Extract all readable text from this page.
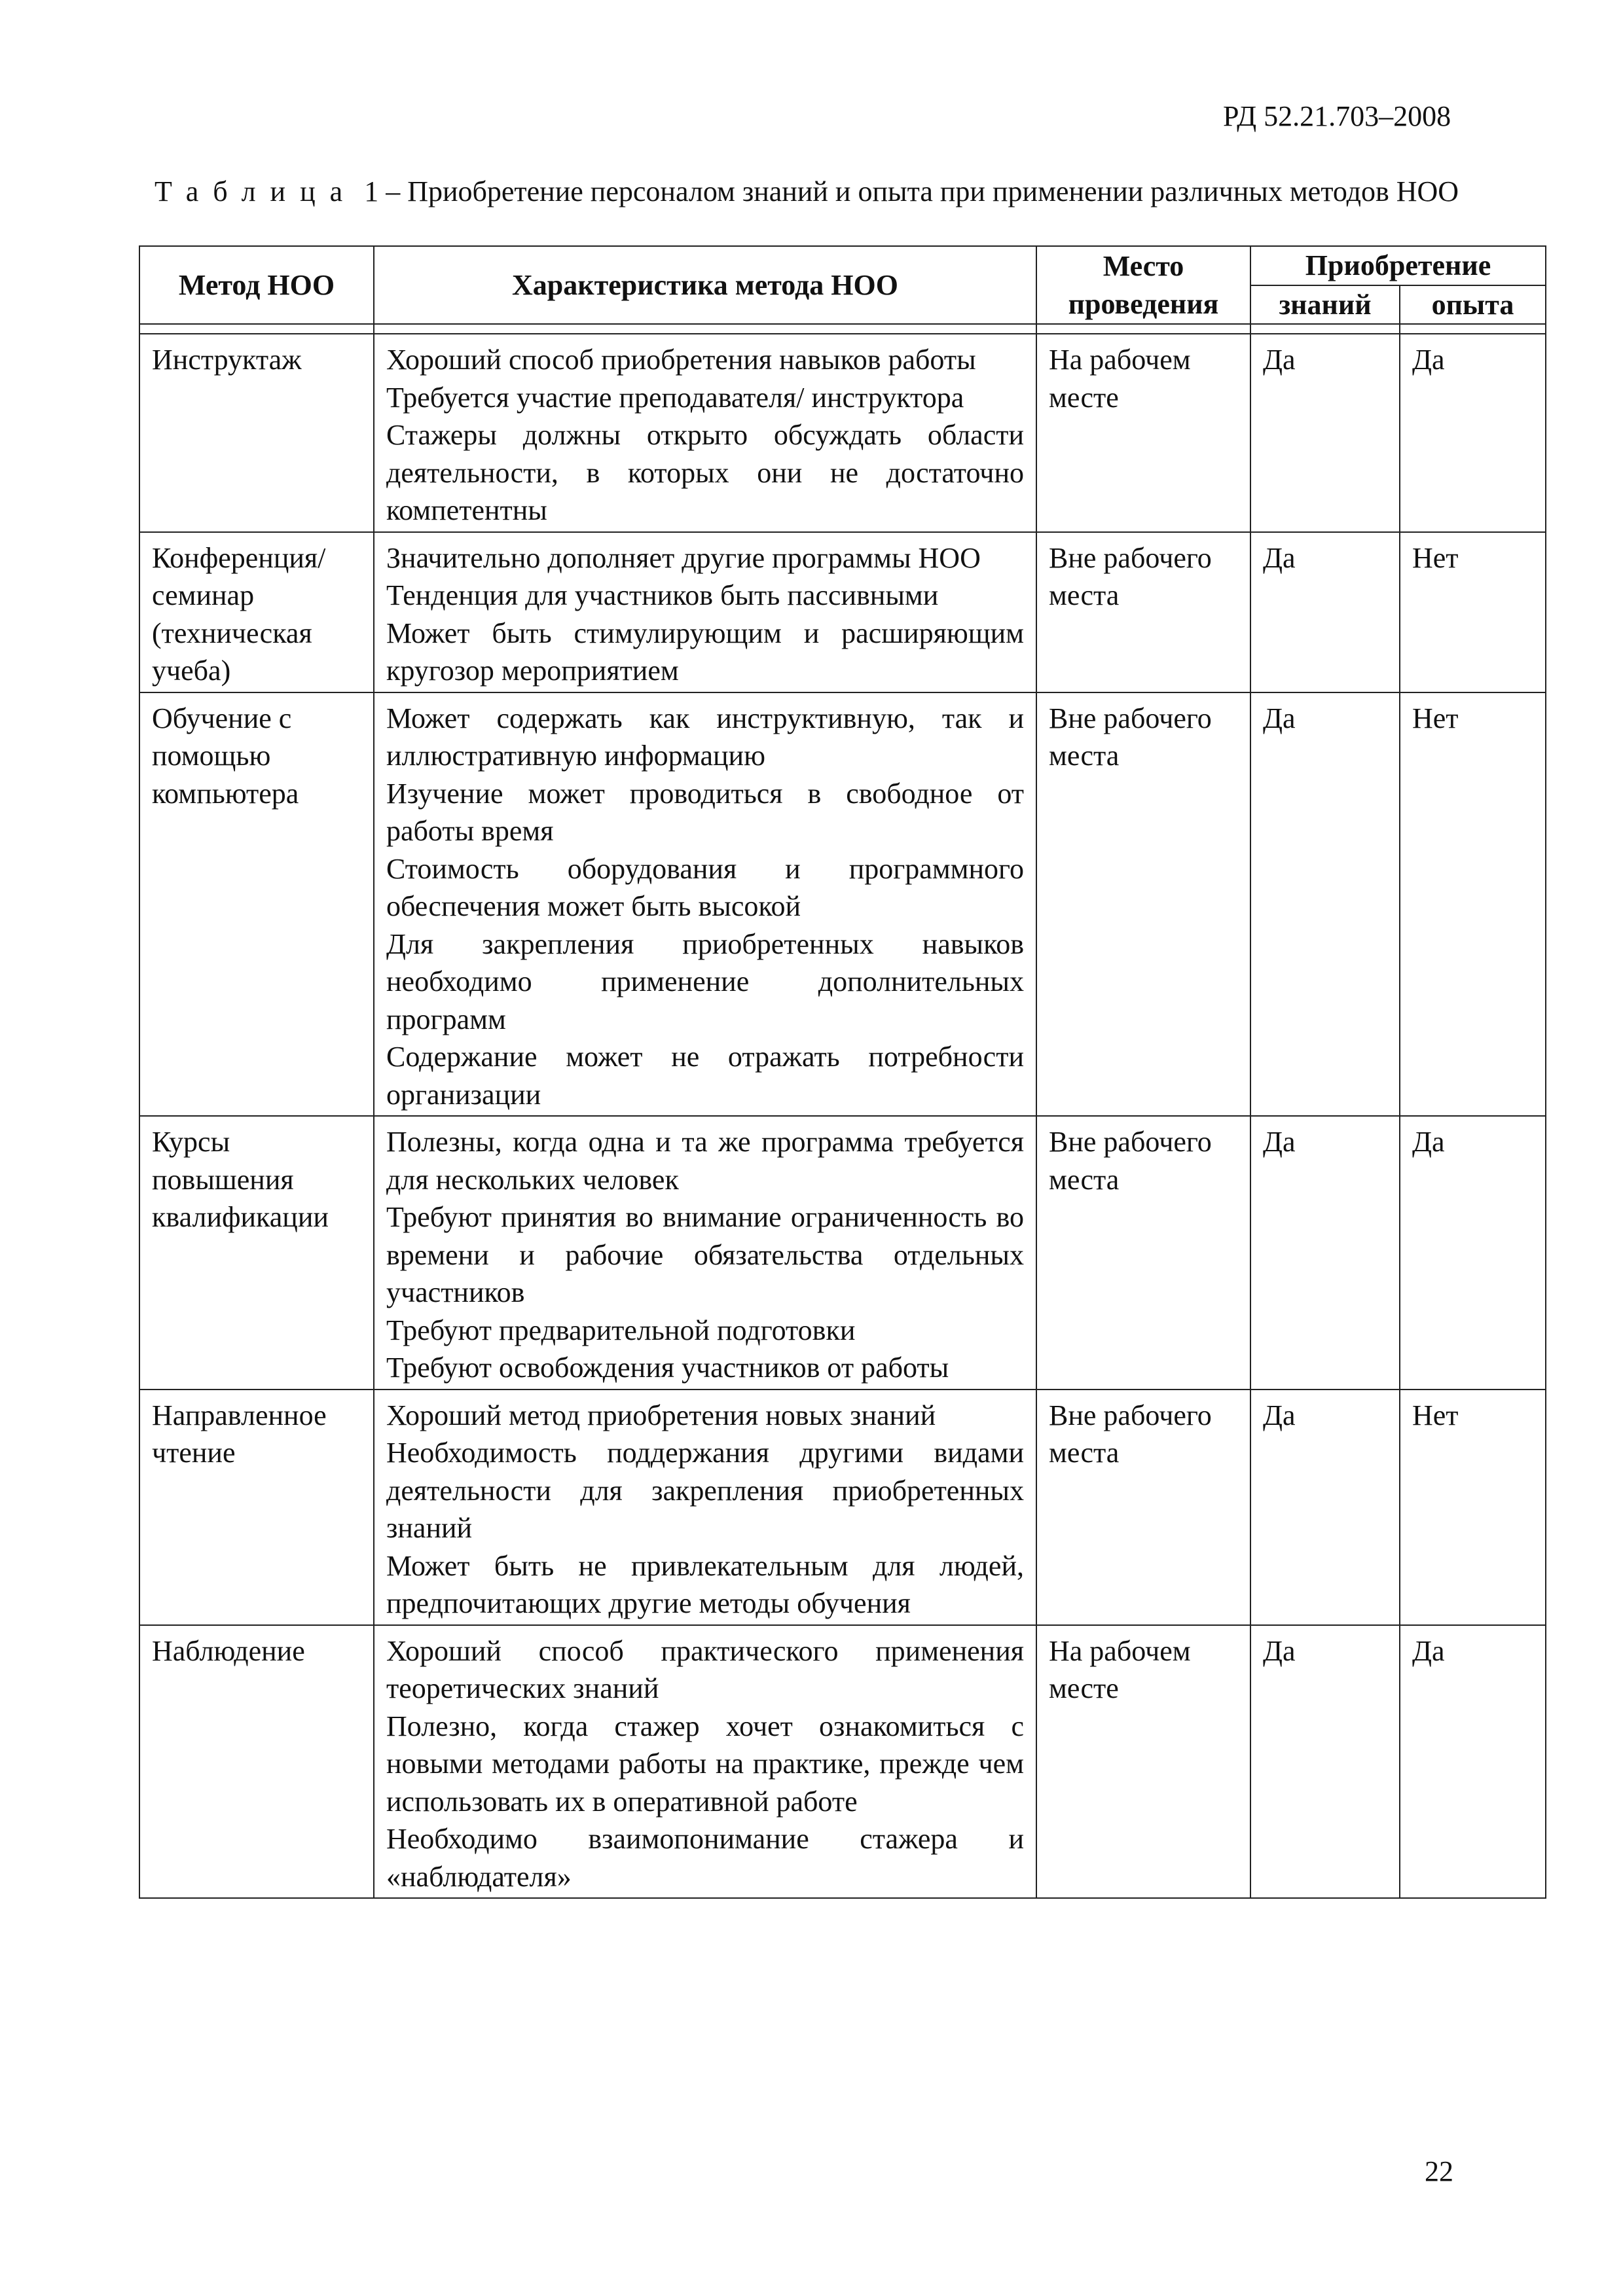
РД 52.21.703–2008
Таблица 1 – Приобретение персоналом знаний и опыта при применении различных методов НОО
Метод НОО	Характеристика метода НОО	Место проведения	Приобретение	
			знаний	опыта

Инструктаж	Хороший способ приобретения навыков работы

Требуется участие преподавателя/ инструктора

Стажеры должны открыто обсуждать области деятельности, в которых они не достаточно компетентны	На рабочем месте	Да	Да
Конференция/ семинар (техническая учеба)	Значительно дополняет другие программы НОО

Тенденция для участников быть пассивными

Может быть стимулирующим и расширяющим кругозор мероприятием	Вне рабочего места	Да	Нет
Обучение с помощью компьютера	Может содержать как инструктивную, так и иллюстративную информацию

Изучение может проводиться в свободное от работы время

Стоимость оборудования и программного обеспечения может быть высокой

Для закрепления приобретенных навыков необходимо применение дополнительных программ

Содержание может не отражать потребности организации	Вне рабочего места	Да	Нет
Курсы повышения квалификации	Полезны, когда одна и та же программа требуется для нескольких человек

Требуют принятия во внимание ограниченность во времени и рабочие обязательства отдельных участников

Требуют предварительной подготовки

Требуют освобождения участников от работы	Вне рабочего места	Да	Да
Направленное чтение	Хороший метод приобретения новых знаний

Необходимость поддержания другими видами деятельности для закрепления приобретенных знаний

Может быть не привлекательным для людей, предпочитающих другие методы обучения	Вне рабочего места	Да	Нет
Наблюдение	Хороший способ практического применения теоретических знаний

Полезно, когда стажер хочет ознакомиться с новыми методами работы на практике, прежде чем использовать их в оперативной работе

Необходимо взаимопонимание стажера и «наблюдателя»	На рабочем месте	Да	Да
22
